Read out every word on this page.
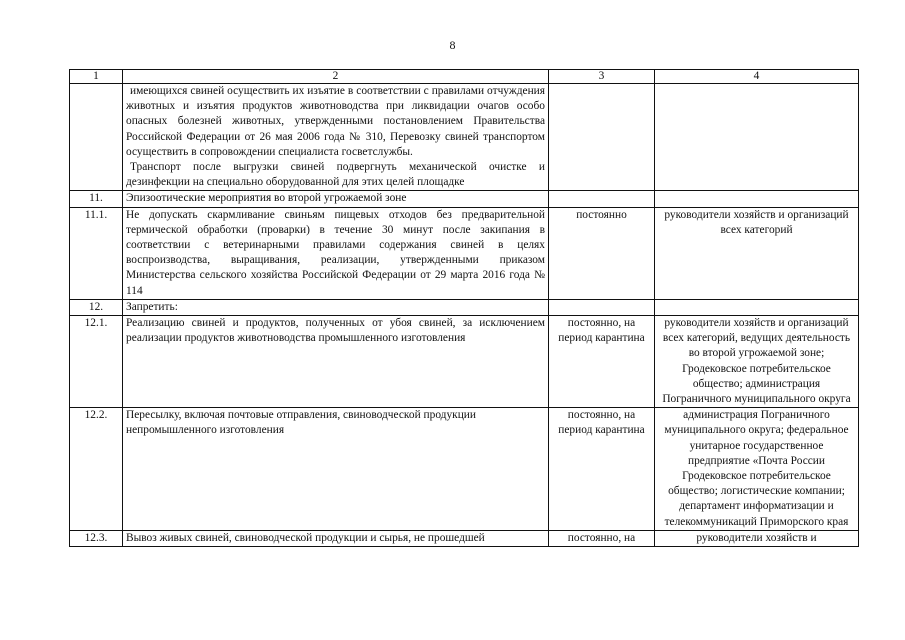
8
1	2	3	4

	имеющихся свиней осуществить их изъятие в соответствии с правилами отчуждения животных и изъятия продуктов животноводства при ликвидации очагов особо опасных болезней животных, утвержденными постановлением Правительства Российской Федерации от 26 мая 2006 года № 310, Перевозку свиней транспортом осуществить в сопровождении специалиста госветслужбы.
Транспорт после выгрузки свиней подвергнуть механической очистке и дезинфекции на специально оборудованной для этих целей площадке		

11.	Эпизоотические мероприятия во второй угрожаемой зоне		
11.1.	Не допускать скармливание свиньям пищевых отходов без предварительной термической обработки (проварки) в течение 30 минут после закипания в соответствии с ветеринарными правилами содержания свиней в целях воспроизводства, выращивания, реализации, утвержденными приказом Министерства сельского хозяйства Российской Федерации от 29 марта 2016 года № 114	постоянно	руководители хозяйств и организаций всех категорий
12.	Запретить:		
12.1.	Реализацию свиней и продуктов, полученных от убоя свиней, за исключением реализации продуктов животноводства промышленного изготовления	постоянно, на период карантина	руководители хозяйств и организаций всех категорий, ведущих деятельность во второй угрожаемой зоне; Гродековское потребительское общество; администрация Пограничного муниципального округа
12.2.	Пересылку, включая почтовые отправления, свиноводческой продукции непромышленного изготовления	постоянно, на период карантина	администрация Пограничного муниципального округа; федеральное унитарное государственное предприятие «Почта России Гродековское потребительское общество; логистические компании; департамент информатизации и телекоммуникаций Приморского края
12.3.	Вывоз живых свиней, свиноводческой продукции и сырья, не прошедшей	постоянно, на	руководители хозяйств и
